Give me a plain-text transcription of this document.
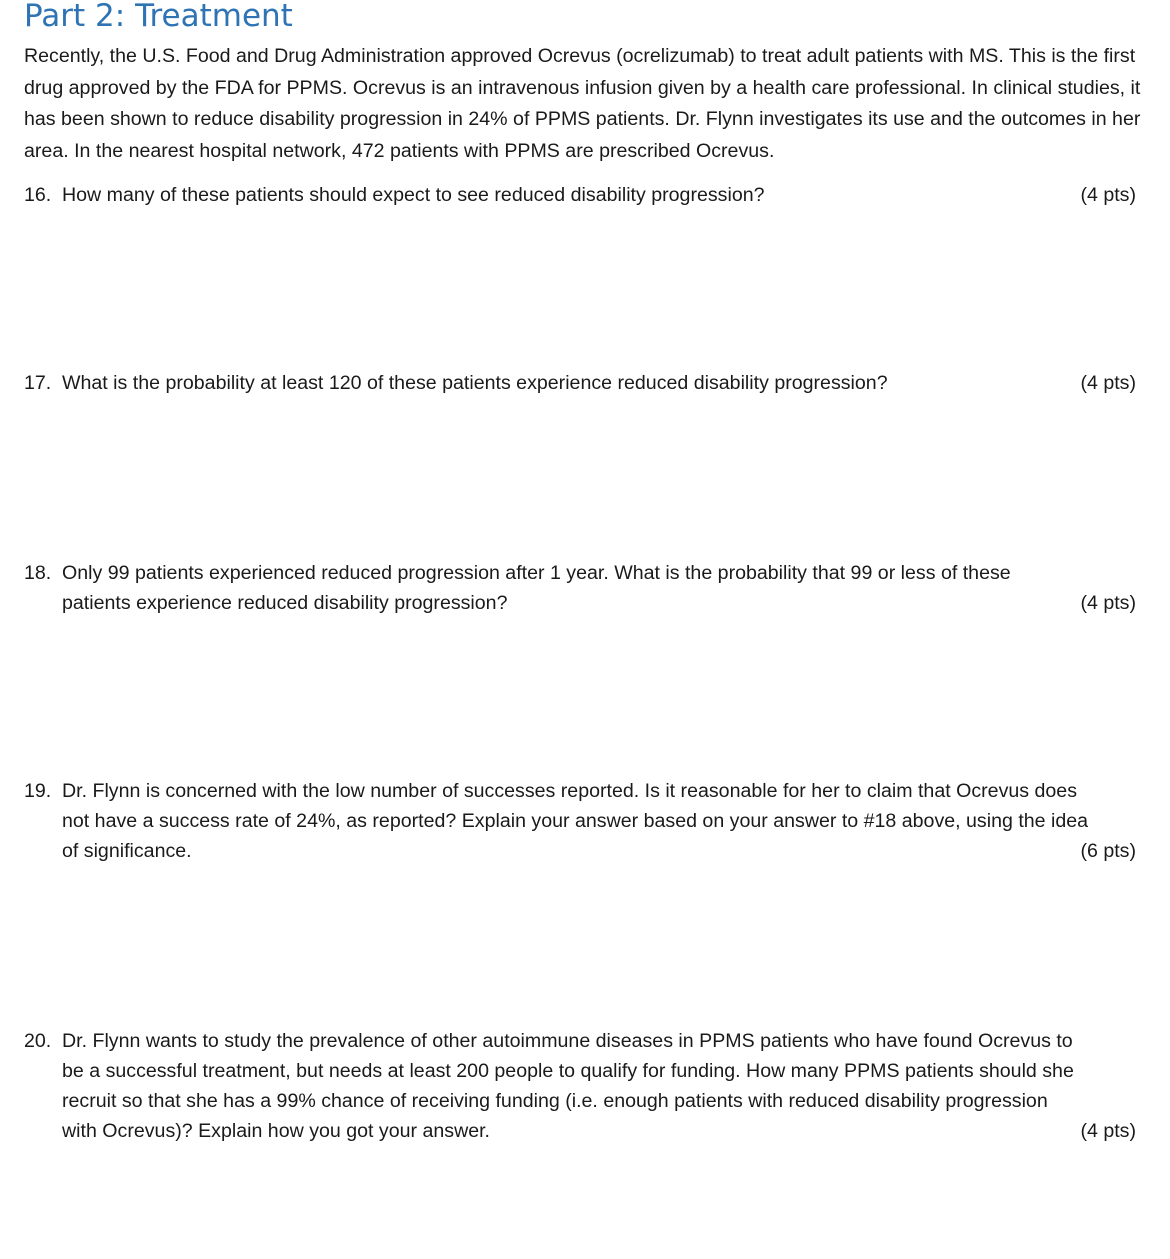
Part 2: Treatment

Recently, the U.S. Food and Drug Administration approved Ocrevus (ocrelizumab) to treat adult patients with MS. This is the first drug approved by the FDA for PPMS. Ocrevus is an intravenous infusion given by a health care professional. In clinical studies, it has been shown to reduce disability progression in 24% of PPMS patients. Dr. Flynn investigates its use and the outcomes in her area. In the nearest hospital network, 472 patients with PPMS are prescribed Ocrevus.

16. How many of these patients should expect to see reduced disability progression?	(4 pts)
17. What is the probability at least 120 of these patients experience reduced disability progression?	(4 pts)
18. Only 99 patients experienced reduced progression after 1 year. What is the probability that 99 or less of these
patients experience reduced disability progression?	(4 pts)
19. Dr. Flynn is concerned with the low number of successes reported. Is it reasonable for her to claim that Ocrevus does
not have a success rate of 24%, as reported? Explain your answer based on your answer to #18 above, using the idea
of significance.	(6 pts)
20. Dr. Flynn wants to study the prevalence of other autoimmune diseases in PPMS patients who have found Ocrevus to
be a successful treatment, but needs at least 200 people to qualify for funding. How many PPMS patients should she
recruit so that she has a 99% chance of receiving funding (i.e. enough patients with reduced disability progression
with Ocrevus)? Explain how you got your answer.	(4 pts)
